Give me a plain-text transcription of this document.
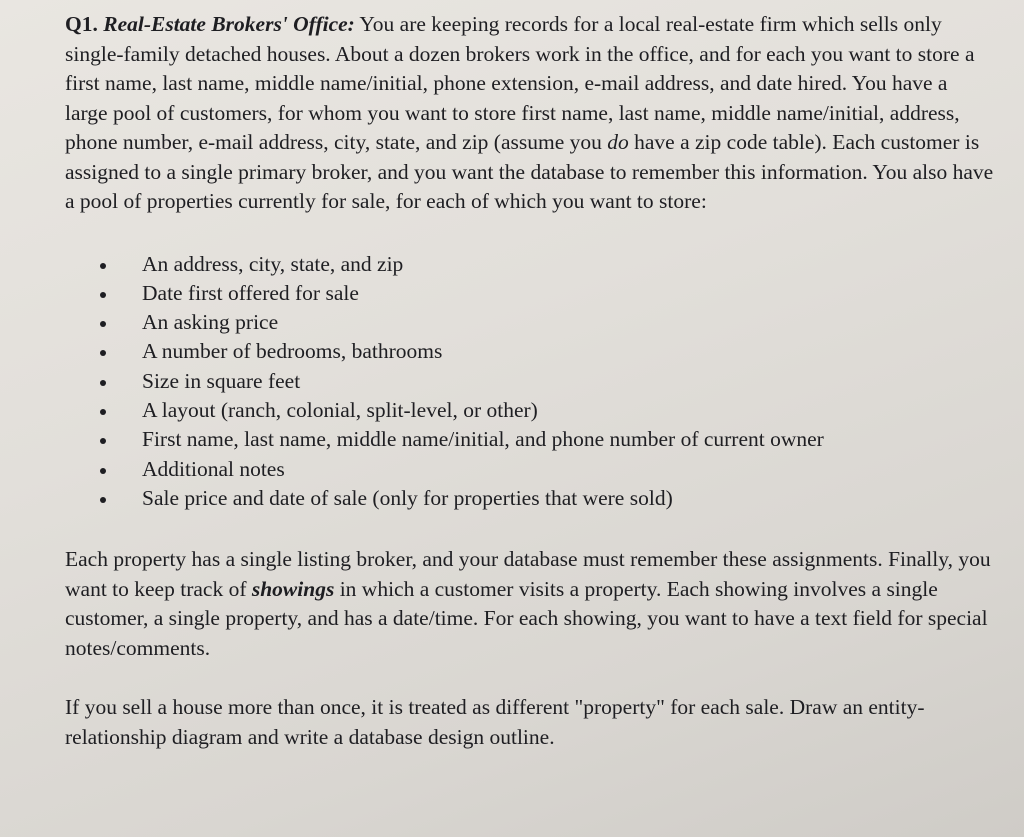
Q1. Real-Estate Brokers' Office: You are keeping records for a local real-estate firm which sells only single-family detached houses. About a dozen brokers work in the office, and for each you want to store a first name, last name, middle name/initial, phone extension, e-mail address, and date hired. You have a large pool of customers, for whom you want to store first name, last name, middle name/initial, address, phone number, e-mail address, city, state, and zip (assume you do have a zip code table). Each customer is assigned to a single primary broker, and you want the database to remember this information. You also have a pool of properties currently for sale, for each of which you want to store:

An address, city, state, and zip
Date first offered for sale
An asking price
A number of bedrooms, bathrooms
Size in square feet
A layout (ranch, colonial, split-level, or other)
First name, last name, middle name/initial, and phone number of current owner
Additional notes
Sale price and date of sale (only for properties that were sold)

Each property has a single listing broker, and your database must remember these assignments. Finally, you want to keep track of showings in which a customer visits a property. Each showing involves a single customer, a single property, and has a date/time. For each showing, you want to have a text field for special notes/comments.

If you sell a house more than once, it is treated as different "property" for each sale. Draw an entity-relationship diagram and write a database design outline.
